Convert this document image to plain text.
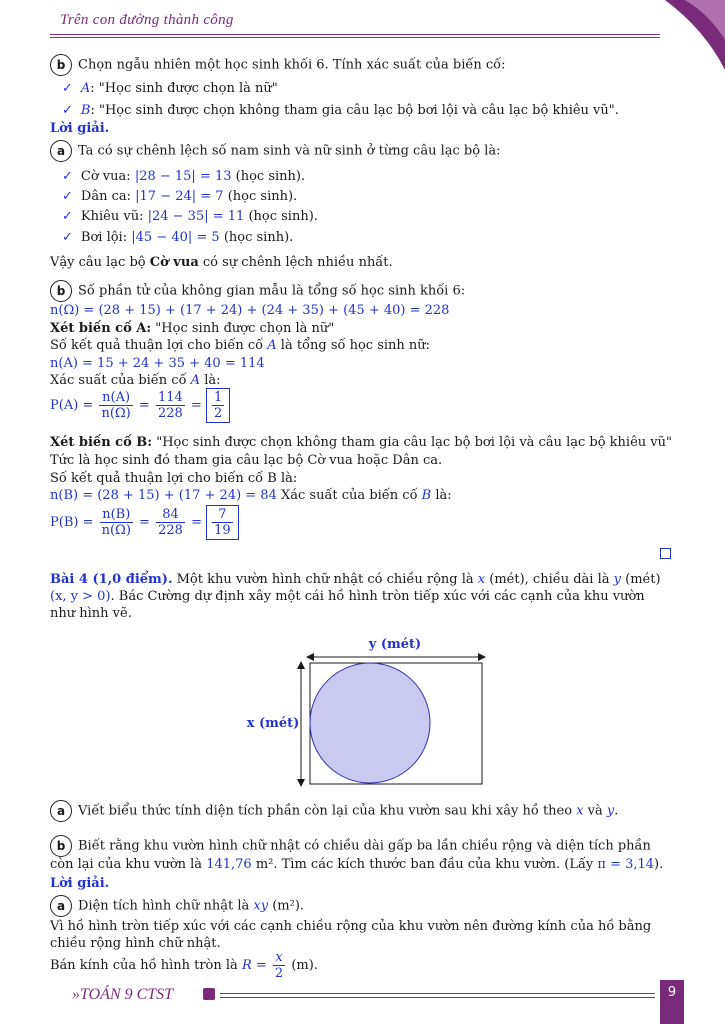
Trên con đường thành công
b Chọn ngẫu nhiên một học sinh khối 6. Tính xác suất của biến cố:
✓ A: "Học sinh được chọn là nữ"
✓ B: "Học sinh được chọn không tham gia câu lạc bộ bơi lội và câu lạc bộ khiêu vũ".
Lời giải.
a Ta có sự chênh lệch số nam sinh và nữ sinh ở từng câu lạc bộ là:
✓ Cờ vua: |28 − 15| = 13 (học sinh).
✓ Dân ca: |17 − 24| = 7 (học sinh).
✓ Khiêu vũ: |24 − 35| = 11 (học sinh).
✓ Bơi lội: |45 − 40| = 5 (học sinh).
Vậy câu lạc bộ Cờ vua có sự chênh lệch nhiều nhất.
b Số phần tử của không gian mẫu là tổng số học sinh khối 6:
n(Ω) = (28 + 15) + (17 + 24) + (24 + 35) + (45 + 40) = 228
Xét biến cố A: "Học sinh được chọn là nữ"
Số kết quả thuận lợi cho biến cố A là tổng số học sinh nữ:
n(A) = 15 + 24 + 35 + 40 = 114
Xác suất của biến cố A là:
$P(A) = \frac{n(A)}{n(\Omega)} = \frac{114}{228} = \frac{1}{2}$
Xét biến cố B: "Học sinh được chọn không tham gia câu lạc bộ bơi lội và câu lạc bộ khiêu vũ"
Tức là học sinh đó tham gia câu lạc bộ Cờ vua hoặc Dân ca.
Số kết quả thuận lợi cho biến cố B là:
n(B) = (28 + 15) + (17 + 24) = 84 Xác suất của biến cố B là:
$P(B) = \frac{n(B)}{n(\Omega)} = \frac{84}{228} = \frac{7}{19}$
Bài 4 (1,0 điểm). Một khu vườn hình chữ nhật có chiều rộng là x (mét), chiều dài là y (mét)
(x, y > 0). Bác Cường dự định xây một cái hồ hình tròn tiếp xúc với các cạnh của khu vườn
như hình vẽ.
y (mét)
x (mét)
a Viết biểu thức tính diện tích phần còn lại của khu vườn sau khi xây hồ theo x và y.
b Biết rằng khu vườn hình chữ nhật có chiều dài gấp ba lần chiều rộng và diện tích phần
còn lại của khu vườn là 141,76 m². Tìm các kích thước ban đầu của khu vườn. (Lấy π = 3,14).
Lời giải.
a Diện tích hình chữ nhật là xy (m²).
Vì hồ hình tròn tiếp xúc với các cạnh chiều rộng của khu vườn nên đường kính của hồ bằng
chiều rộng hình chữ nhật.
Bán kính của hồ hình tròn là $R = \frac{x}{2} (m)$.
»TOÁN 9 CTST	9
